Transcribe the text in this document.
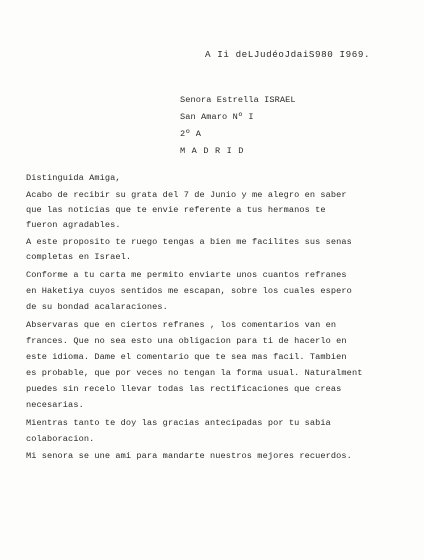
A Ii deLJudéoJdaiS980 I969.
Senora Estrella ISRAEL
San Amaro Nº I
2º A
MADRID
Distinguida Amiga,
Acabo de recibir su grata del 7 de Junio y me alegro en saber
que las noticias que te envie referente a tus hermanos te
fueron agradables.
A este proposito te ruego tengas a bien me facilites sus senas
completas en Israel.
Conforme a tu carta me permito enviarte unos cuantos refranes
en Haketiya cuyos sentidos me escapan, sobre los cuales espero
de su bondad acalaraciones.
Abservaras que en ciertos refranes , los comentarios van en
frances. Que no sea esto una obligacion para ti de hacerlo en
este idioma. Dame el comentario que te sea mas facil. Tambien
es probable, que por veces no tengan la forma usual. Naturalment
puedes sin recelo llevar todas las rectificaciones que creas
necesarias.
Mientras tanto te doy las gracias antecipadas por tu sabia
colaboracion.
Mi senora se une ami para mandarte nuestros mejores recuerdos.
